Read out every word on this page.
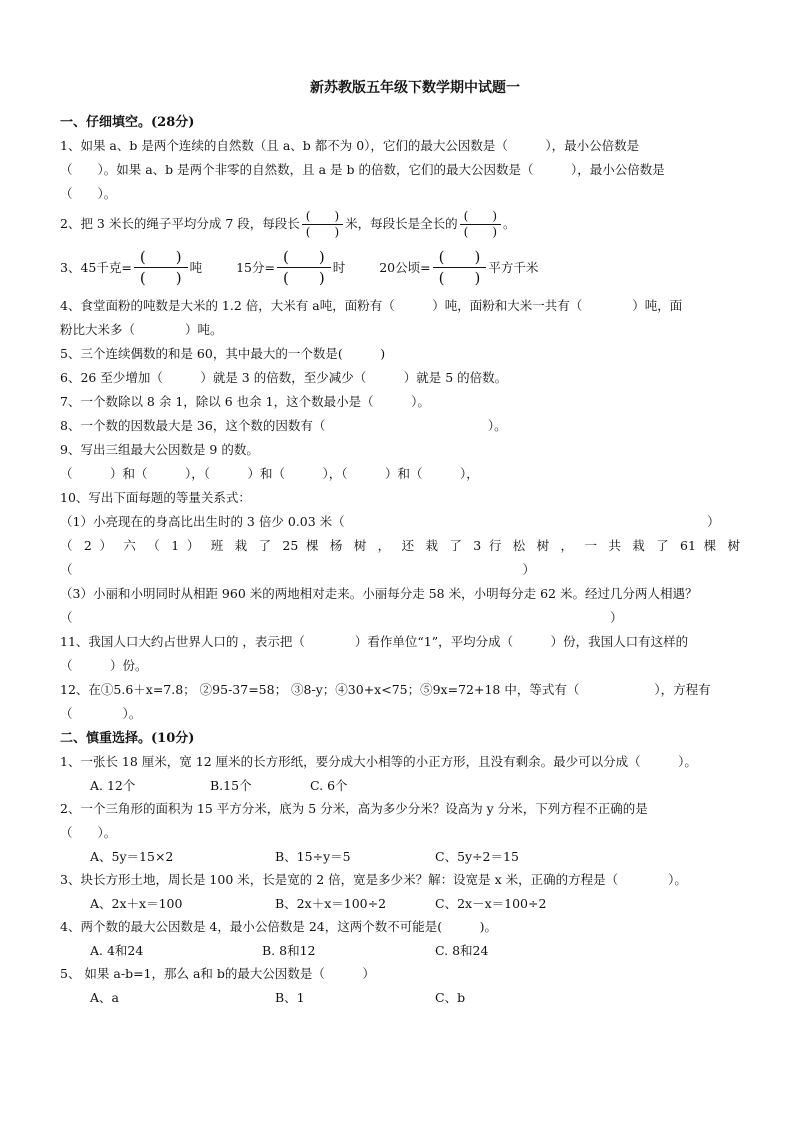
新苏教版五年级下数学期中试题一
一、仔细填空。(28分)
1、如果 a、b 是两个连续的自然数（且 a、b 都不为 0），它们的最大公因数是（　　　），最小公倍数是
（　　）。如果 a、b 是两个非零的自然数，且 a 是 b 的倍数，它们的最大公因数是（　　　），最小公倍数是
（　　）。
2、把 3 米长的绳子平均分成 7 段，每段长 $\frac{( )}{( )}$ 米，每段长是全长的 $\frac{( )}{( )}$ 。
3、45千克= $\frac{( )}{( )}$ 吨	15分= $\frac{( )}{( )}$ 时	20公顷= $\frac{( )}{( )}$ 平方千米
4、食堂面粉的吨数是大米的 1.2 倍，大米有 a吨，面粉有（　　　）吨，面粉和大米一共有（　　　　）吨，面
粉比大米多（　　　　）吨。
5、三个连续偶数的和是 60，其中最大的一个数是(　　　)
6、26 至少增加（　　　）就是 3 的倍数，至少减少（　　　）就是 5 的倍数。
7、一个数除以 8 余 1，除以 6 也余 1，这个数最小是（　　　）。
8、一个数的因数最大是 36，这个数的因数有（　　　　　　　　　　　　　）。
9、写出三组最大公因数是 9 的数。
（　　　）和（　　　），（　　　）和（　　　），（　　　）和（　　　），
10、写出下面每题的等量关系式：
（1）小亮现在的身高比出生时的 3 倍少 0.03 米（　　　　　　　　　　　　　　　　　　　　　　　　　　　　　）
（ 2 ） 六 （ 1 ） 班 栽 了 25 棵 杨 树 ， 还 栽 了 3 行 松 树 ， 一 共 栽 了 61 棵 树
（　　　　　　　　　　　　　　　　　　　　　　　　　　　　　　　　　　　　）
（3）小丽和小明同时从相距 960 米的两地相对走来。小丽每分走 58 米，小明每分走 62 米。经过几分两人相遇？
（　　　　　　　　　　　　　　　　　　　　　　　　　　　　　　　　　　　　　　　　　　　）
11、我国人口大约占世界人口的 ，表示把（　　　　）看作单位“1”，平均分成（　　　）份，我国人口有这样的
（　　　）份。
12、在①5.6＋x=7.8； ②95-37=58； ③8-y；④30+x<75；⑤9x=72+18 中，等式有（　　　　　　），方程有
（　　　　）。
二、慎重选择。(10分)
1、一张长 18 厘米，宽 12 厘米的长方形纸，要分成大小相等的小正方形，且没有剩余。最少可以分成（　　　）。
A. 12个	B.15个	C. 6个
2、一个三角形的面积为 15 平方分米，底为 5 分米，高为多少分米？设高为 y 分米，下列方程不正确的是
（　　）。
A、5y＝15×2	B、15÷y＝5	C、5y÷2＝15
3、块长方形土地，周长是 100 米，长是宽的 2 倍，宽是多少米？解：设宽是 x 米，正确的方程是（　　　　）。
A、2x＋x＝100	B、2x＋x＝100÷2	C、2x－x＝100÷2
4、两个数的最大公因数是 4，最小公倍数是 24，这两个数不可能是(　　　)。
A. 4和24	B. 8和12	C. 8和24
5、 如果 a-b=1，那么 a和 b的最大公因数是（　　　）
A、a	B、1	C、b
